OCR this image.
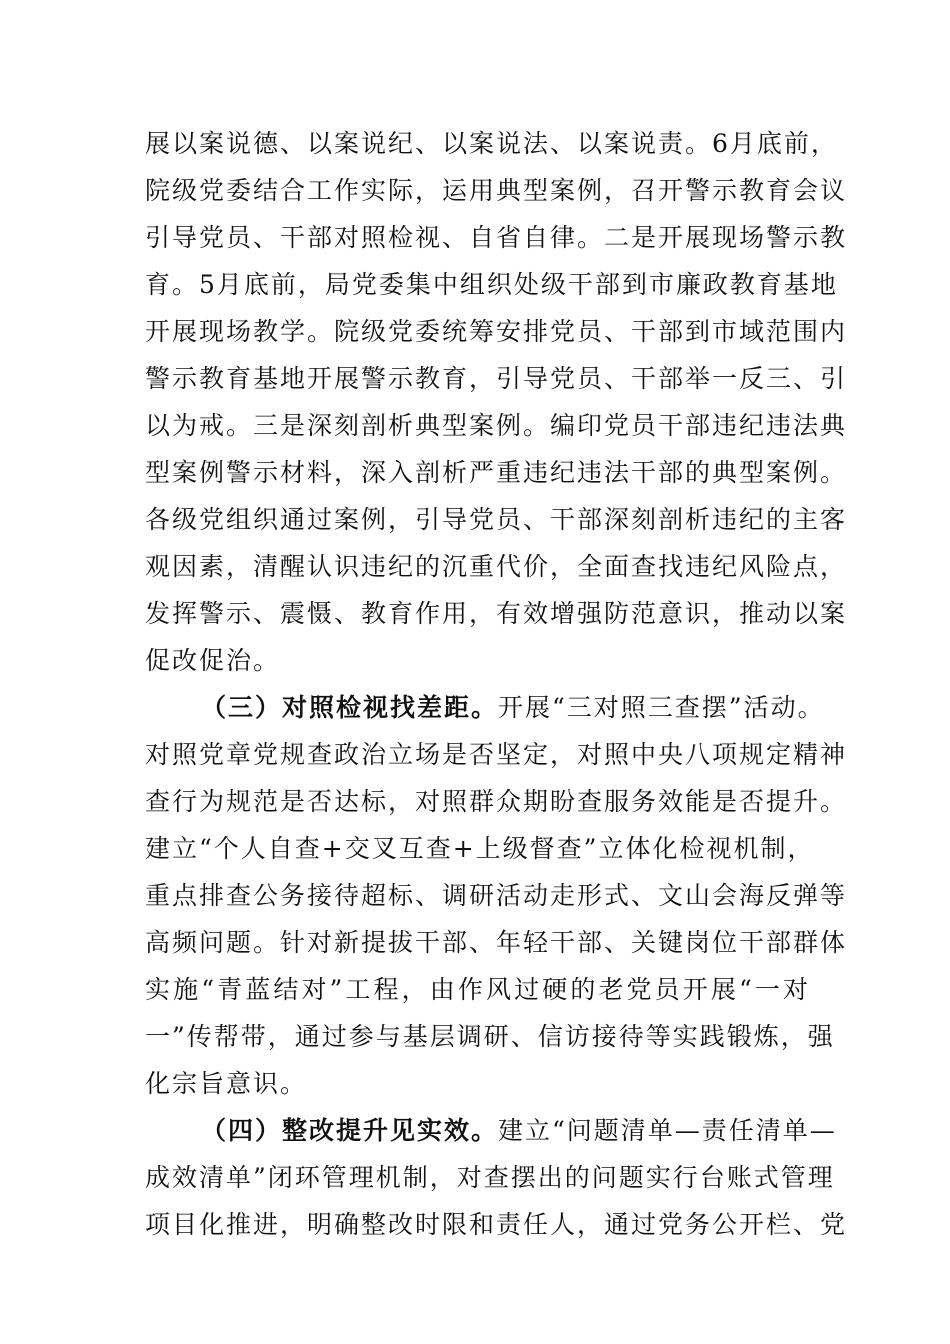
展以案说德、以案说纪、以案说法、以案说责。6月底前，
院级党委结合工作实际，运用典型案例，召开警示教育会议
引导党员、干部对照检视、自省自律。二是开展现场警示教
育。5月底前，局党委集中组织处级干部到市廉政教育基地
开展现场教学。院级党委统筹安排党员、干部到市域范围内
警示教育基地开展警示教育，引导党员、干部举一反三、引
以为戒。三是深刻剖析典型案例。编印党员干部违纪违法典
型案例警示材料，深入剖析严重违纪违法干部的典型案例。
各级党组织通过案例，引导党员、干部深刻剖析违纪的主客
观因素，清醒认识违纪的沉重代价，全面查找违纪风险点，
发挥警示、震慑、教育作用，有效增强防范意识，推动以案
促改促治。
（三）对照检视找差距。开展“三对照三查摆”活动。
对照党章党规查政治立场是否坚定，对照中央八项规定精神
查行为规范是否达标，对照群众期盼查服务效能是否提升。
建立“个人自查+交叉互查+上级督查”立体化检视机制，
重点排查公务接待超标、调研活动走形式、文山会海反弹等
高频问题。针对新提拔干部、年轻干部、关键岗位干部群体
实施“青蓝结对”工程，由作风过硬的老党员开展“一对
一”传帮带，通过参与基层调研、信访接待等实践锻炼，强
化宗旨意识。
（四）整改提升见实效。建立“问题清单—责任清单—
成效清单”闭环管理机制，对查摆出的问题实行台账式管理
项目化推进，明确整改时限和责任人，通过党务公开栏、党
